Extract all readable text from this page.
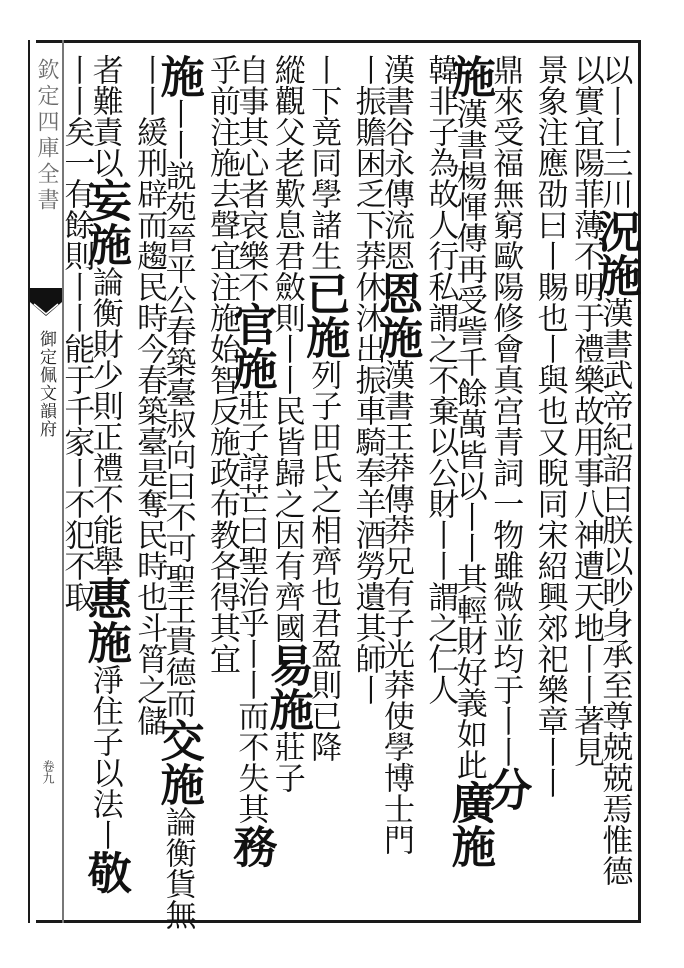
欽定四庫全書
御定佩文韻府
卷九
以丨丨三川況施漢書武帝紀詔曰朕以眇身承至尊兢兢焉惟德
以實宜陽菲薄不明于禮樂故用事八神遭天地丨丨著見
景象注應劭曰丨賜也丨與也又睨同宋紹興郊祀樂章丨丨
鼎來受福無窮歐陽修會真宫青詞一物雖微並均于丨丨分
施漢書楊惲傳再受訾千餘萬皆以丨丨其輕財好義如此廣施
韓非子為故人行私謂之不棄以公財丨丨謂之仁人
漢書谷永傳流恩恩施漢書王莽傳莽兄有子光莽使學博士門
丨振贍困乏下莽休沐出振車騎奉羊酒勞遺其師丨
丨下竟同學諸生已施列子田氏之相齊也君盈則已降
縱觀父老歎息君斂則丨丨民皆歸之因有齊國易施莊子
自事其心者哀樂不官施莊子諄芒曰聖治乎丨丨而不失其務
乎前注施去聲宜注施始智反施政布教各得其宜
施丨丨説苑晉平公春築臺叔向曰不可聖王貴德而交施論衡貨無
丨丨緩刑辟而趨民時今春築臺是奪民時也斗筲之儲
者難責以妄施論衡財少則正禮不能舉惠施淨住子以法丨敬
丨丨矣一有餘則丨丨能于千家丨不犯不取
